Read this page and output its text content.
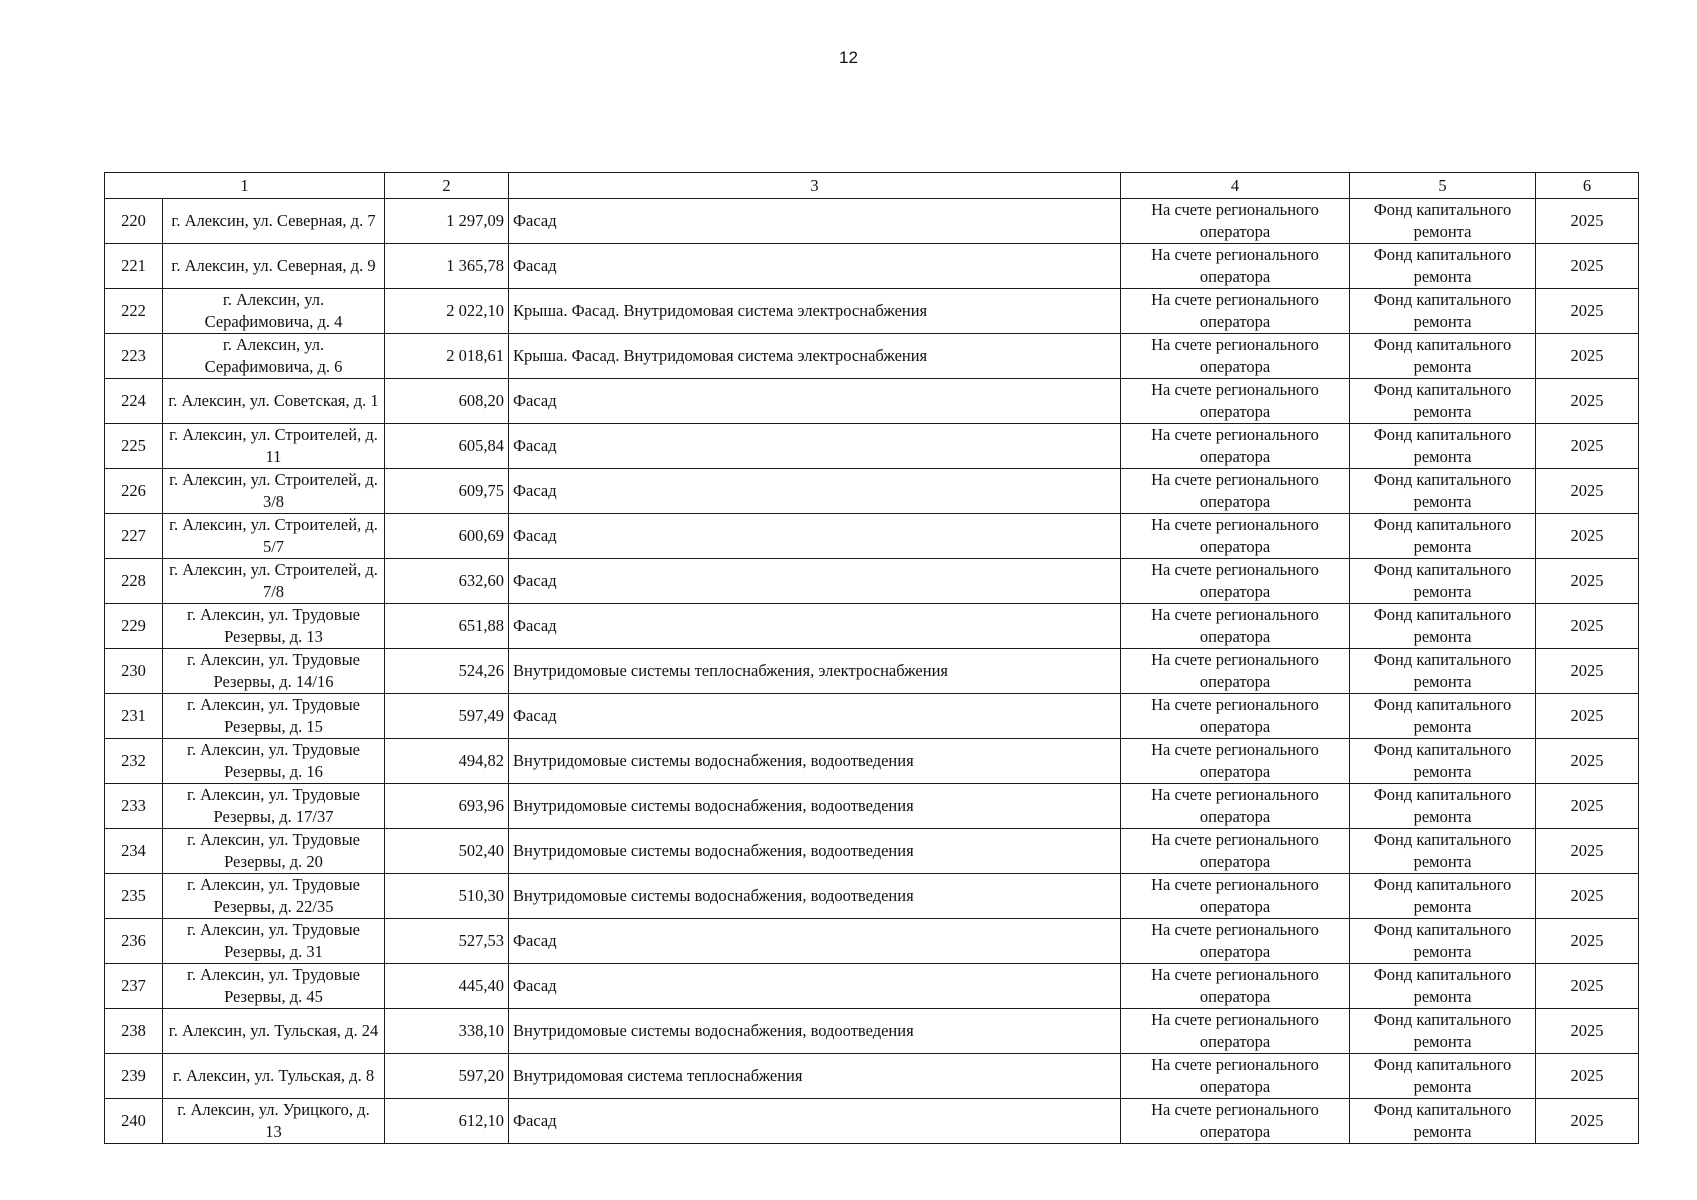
12
1		2	3	4	5	6
220	г. Алексин, ул. Северная, д. 7	1 297,09	Фасад	На счете регионального оператора	Фонд капитального ремонта	2025
221	г. Алексин, ул. Северная, д. 9	1 365,78	Фасад	На счете регионального оператора	Фонд капитального ремонта	2025
222	г. Алексин, ул. Серафимовича, д. 4	2 022,10	Крыша. Фасад. Внутридомовая система электроснабжения	На счете регионального оператора	Фонд капитального ремонта	2025
223	г. Алексин, ул. Серафимовича, д. 6	2 018,61	Крыша. Фасад. Внутридомовая система электроснабжения	На счете регионального оператора	Фонд капитального ремонта	2025
224	г. Алексин, ул. Советская, д. 1	608,20	Фасад	На счете регионального оператора	Фонд капитального ремонта	2025
225	г. Алексин, ул. Строителей, д. 11	605,84	Фасад	На счете регионального оператора	Фонд капитального ремонта	2025
226	г. Алексин, ул. Строителей, д. 3/8	609,75	Фасад	На счете регионального оператора	Фонд капитального ремонта	2025
227	г. Алексин, ул. Строителей, д. 5/7	600,69	Фасад	На счете регионального оператора	Фонд капитального ремонта	2025
228	г. Алексин, ул. Строителей, д. 7/8	632,60	Фасад	На счете регионального оператора	Фонд капитального ремонта	2025
229	г. Алексин, ул. Трудовые Резервы, д. 13	651,88	Фасад	На счете регионального оператора	Фонд капитального ремонта	2025
230	г. Алексин, ул. Трудовые Резервы, д. 14/16	524,26	Внутридомовые системы теплоснабжения, электроснабжения	На счете регионального оператора	Фонд капитального ремонта	2025
231	г. Алексин, ул. Трудовые Резервы, д. 15	597,49	Фасад	На счете регионального оператора	Фонд капитального ремонта	2025
232	г. Алексин, ул. Трудовые Резервы, д. 16	494,82	Внутридомовые системы водоснабжения, водоотведения	На счете регионального оператора	Фонд капитального ремонта	2025
233	г. Алексин, ул. Трудовые Резервы, д. 17/37	693,96	Внутридомовые системы водоснабжения, водоотведения	На счете регионального оператора	Фонд капитального ремонта	2025
234	г. Алексин, ул. Трудовые Резервы, д. 20	502,40	Внутридомовые системы водоснабжения, водоотведения	На счете регионального оператора	Фонд капитального ремонта	2025
235	г. Алексин, ул. Трудовые Резервы, д. 22/35	510,30	Внутридомовые системы водоснабжения, водоотведения	На счете регионального оператора	Фонд капитального ремонта	2025
236	г. Алексин, ул. Трудовые Резервы, д. 31	527,53	Фасад	На счете регионального оператора	Фонд капитального ремонта	2025
237	г. Алексин, ул. Трудовые Резервы, д. 45	445,40	Фасад	На счете регионального оператора	Фонд капитального ремонта	2025
238	г. Алексин, ул. Тульская, д. 24	338,10	Внутридомовые системы водоснабжения, водоотведения	На счете регионального оператора	Фонд капитального ремонта	2025
239	г. Алексин, ул. Тульская, д. 8	597,20	Внутридомовая система теплоснабжения	На счете регионального оператора	Фонд капитального ремонта	2025
240	г. Алексин, ул. Урицкого, д. 13	612,10	Фасад	На счете регионального оператора	Фонд капитального ремонта	2025
